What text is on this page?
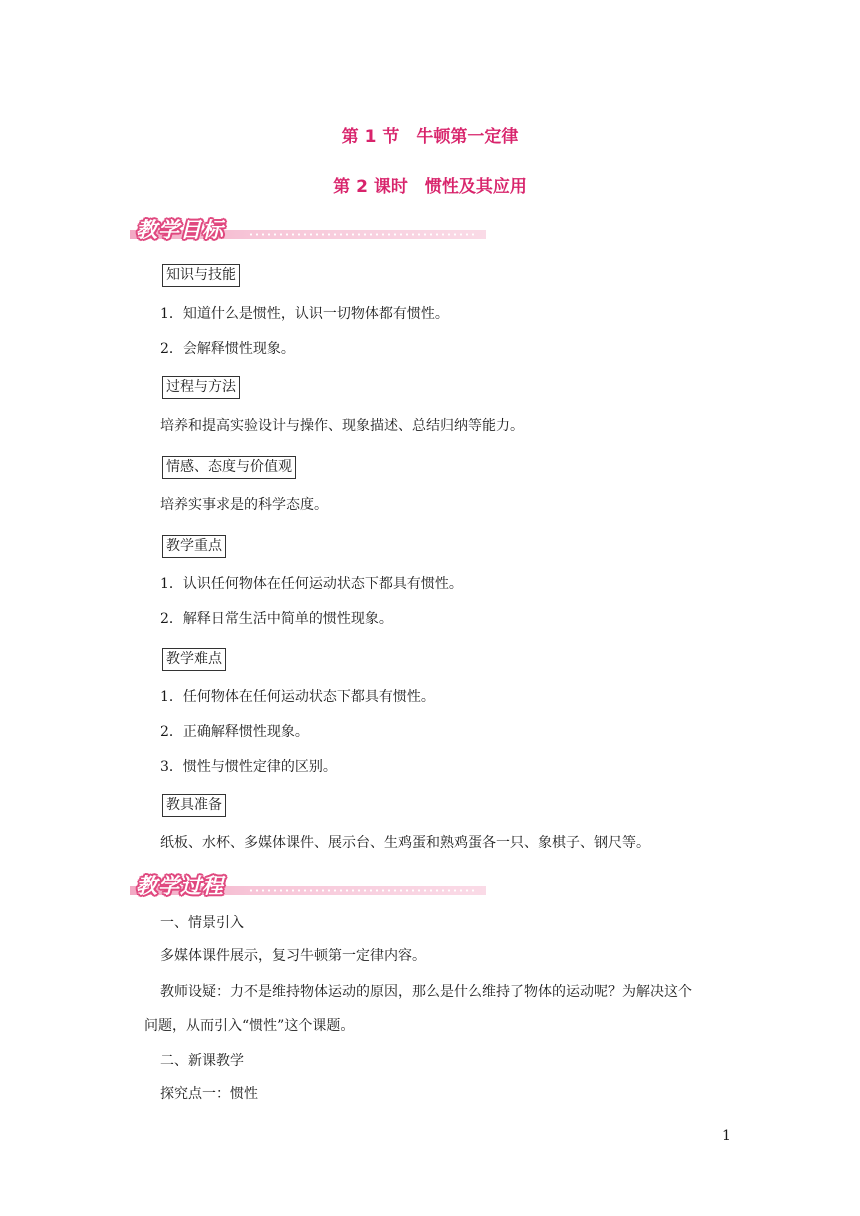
第 1 节　牛顿第一定律
第 2 课时　惯性及其应用
教学目标
知识与技能
1．知道什么是惯性，认识一切物体都有惯性。
2．会解释惯性现象。
过程与方法
培养和提高实验设计与操作、现象描述、总结归纳等能力。
情感、态度与价值观
培养实事求是的科学态度。
教学重点
1．认识任何物体在任何运动状态下都具有惯性。
2．解释日常生活中简单的惯性现象。
教学难点
1．任何物体在任何运动状态下都具有惯性。
2．正确解释惯性现象。
3．惯性与惯性定律的区别。
教具准备
纸板、水杯、多媒体课件、展示台、生鸡蛋和熟鸡蛋各一只、象棋子、钢尺等。
教学过程
一、情景引入
多媒体课件展示，复习牛顿第一定律内容。
教师设疑：力不是维持物体运动的原因，那么是什么维持了物体的运动呢？为解决这个
问题，从而引入“惯性”这个课题。
二、新课教学
探究点一：惯性
1
